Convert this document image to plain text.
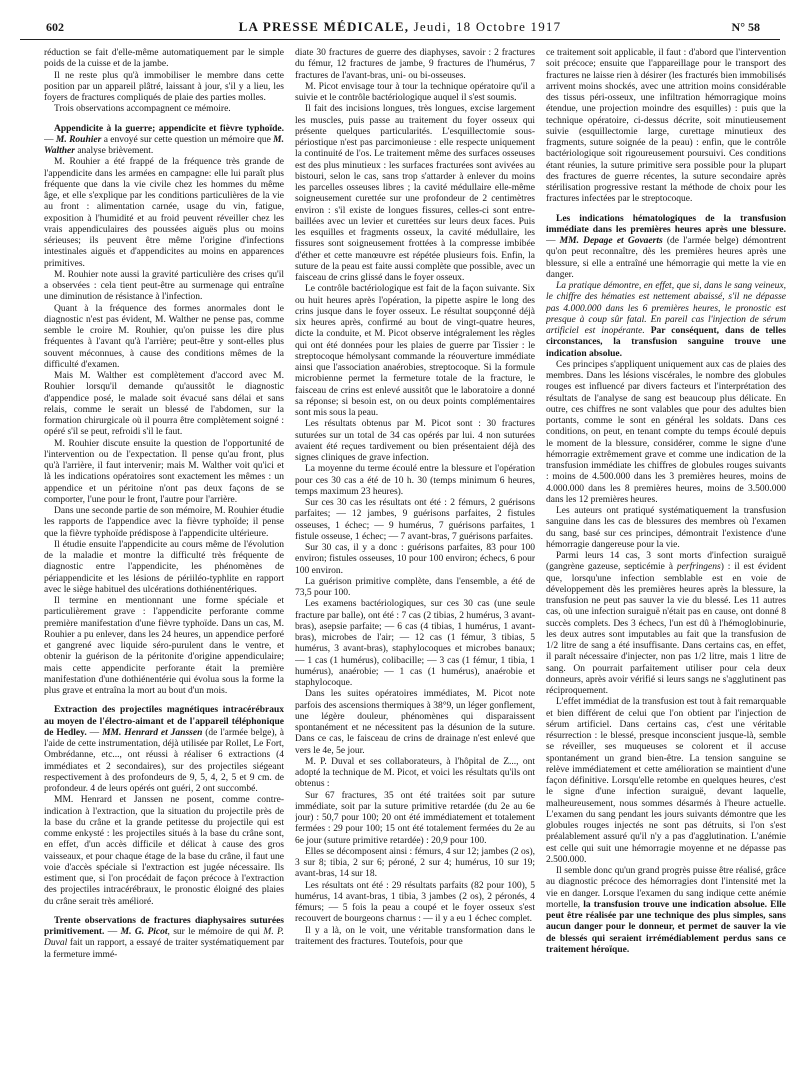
602	LA PRESSE MÉDICALE, Jeudi, 18 Octobre 1917	N° 58

réduction se fait d'elle-même automatiquement par le simple poids de la cuisse et de la jambe.

Il ne reste plus qu'à immobiliser le membre dans cette position par un appareil plâtré, laissant à jour, s'il y a lieu, les foyers de fractures compliqués de plaie des parties molles.

Trois observations accompagnent ce mémoire.

Appendicite à la guerre; appendicite et fièvre typhoïde. — M. Rouhier a envoyé sur cette question un mémoire que M. Walther analyse brièvement.

M. Rouhier a été frappé de la fréquence très grande de l'appendicite dans les armées en campagne: elle lui paraît plus fréquente que dans la vie civile chez les hommes du même âge, et elle s'explique par les conditions particulières de la vie au front : alimentation carnée, usage du vin, fatigue, exposition à l'humidité et au froid peuvent réveiller chez les vrais appendiculaires des poussées aiguës plus ou moins sérieuses; ils peuvent être même l'origine d'infections intestinales aiguës et d'appendicites au moins en apparences primitives.

M. Rouhier note aussi la gravité particulière des crises qu'il a observées : cela tient peut-être au surmenage qui entraîne une diminution de résistance à l'infection.

Quant à la fréquence des formes anormales dont le diagnostic n'est pas évident, M. Walther ne pense pas, comme semble le croire M. Rouhier, qu'on puisse les dire plus fréquentes à l'avant qu'à l'arrière; peut-être y sont-elles plus souvent méconnues, à cause des conditions mêmes de la difficulté d'examen.

Mais M. Walther est complètement d'accord avec M. Rouhier lorsqu'il demande qu'aussitôt le diagnostic d'appendice posé, le malade soit évacué sans délai et sans relais, comme le serait un blessé de l'abdomen, sur la formation chirurgicale où il pourra être complètement soigné : opéré s'il se peut, refroidi s'il le faut.

M. Rouhier discute ensuite la question de l'opportunité de l'intervention ou de l'expectation. Il pense qu'au front, plus qu'à l'arrière, il faut intervenir; mais M. Walther voit qu'ici et là les indications opératoires sont exactement les mêmes : un appendice et un péritoine n'ont pas deux façons de se comporter, l'une pour le front, l'autre pour l'arrière.

Dans une seconde partie de son mémoire, M. Rouhier étudie les rapports de l'appendice avec la fièvre typhoïde; il pense que la fièvre typhoïde prédispose à l'appendicite ultérieure.

Il étudie ensuite l'appendicite au cours même de l'évolution de la maladie et montre la difficulté très fréquente de diagnostic entre l'appendicite, les phénomènes de périappendicite et les lésions de périiléo-typhlite en rapport avec le siège habituel des ulcérations dothiénentériques.

Il termine en mentionnant une forme spéciale et particulièrement grave : l'appendicite perforante comme première manifestation d'une fièvre typhoïde. Dans un cas, M. Rouhier a pu enlever, dans les 24 heures, un appendice perforé et gangrené avec liquide séro-purulent dans le ventre, et obtenir la guérison de la péritonite d'origine appendiculaire; mais cette appendicite perforante était la première manifestation d'une dothiénentérie qui évolua sous la forme la plus grave et entraîna la mort au bout d'un mois.

Extraction des projectiles magnétiques intracérébraux au moyen de l'électro-aimant et de l'appareil téléphonique de Hedley. — MM. Henrard et Janssen (de l'armée belge), à l'aide de cette instrumentation, déjà utilisée par Rollet, Le Fort, Ombrédanne, etc..., ont réussi à réaliser 6 extractions (4 immédiates et 2 secondaires), sur des projectiles siégeant respectivement à des profondeurs de 9, 5, 4, 2, 5 et 9 cm. de profondeur. 4 de leurs opérés ont guéri, 2 ont succombé.

MM. Henrard et Janssen ne posent, comme contre-indication à l'extraction, que la situation du projectile près de la base du crâne et la grande petitesse du projectile qui est comme enkysté : les projectiles situés à la base du crâne sont, en effet, d'un accès difficile et délicat à cause des gros vaisseaux, et pour chaque étage de la base du crâne, il faut une voie d'accès spéciale si l'extraction est jugée nécessaire. Ils estiment que, si l'on procédait de façon précoce à l'extraction des projectiles intracérébraux, le pronostic éloigné des plaies du crâne serait très amélioré.

Trente observations de fractures diaphysaires suturées primitivement. — M. G. Picot, sur le mémoire de qui M. P. Duval fait un rapport, a essayé de traiter systématiquement par la fermeture immé-

diate 30 fractures de guerre des diaphyses, savoir : 2 fractures du fémur, 12 fractures de jambe, 9 fractures de l'humérus, 7 fractures de l'avant-bras, uni- ou bi-osseuses.

M. Picot envisage tour à tour la technique opératoire qu'il a suivie et le contrôle bactériologique auquel il s'est soumis.

Il fait des incisions longues, très longues, excise largement les muscles, puis passe au traitement du foyer osseux qui présente quelques particularités. L'esquillectomie sous-périostique n'est pas parcimonieuse : elle respecte uniquement la continuité de l'os. Le traitement même des surfaces osseuses est des plus minutieux : les surfaces fracturées sont avivées au bistouri, selon le cas, sans trop s'attarder à enlever du moins les parcelles osseuses libres ; la cavité médullaire elle-même soigneusement curettée sur une profondeur de 2 centimètres environ : s'il existe de longues fissures, celles-ci sont entre-baillées avec un levier et curettées sur leurs deux faces. Puis les esquilles et fragments osseux, la cavité médullaire, les fissures sont soigneusement frottées à la compresse imbibée d'éther et cette manœuvre est répétée plusieurs fois. Enfin, la suture de la peau est faite aussi complète que possible, avec un faisceau de crins glissé dans le foyer osseux.

Le contrôle bactériologique est fait de la façon suivante. Six ou huit heures après l'opération, la pipette aspire le long des crins jusque dans le foyer osseux. Le résultat soupçonné déjà six heures après, confirmé au bout de vingt-quatre heures, dicte la conduite, et M. Picot observe intégralement les règles qui ont été données pour les plaies de guerre par Tissier : le streptocoque hémolysant commande la réouverture immédiate ainsi que l'association anaérobies, streptocoque. Si la formule microbienne permet la fermeture totale de la fracture, le faisceau de crins est enlevé aussitôt que le laboratoire a donné sa réponse; si besoin est, on ou deux points complémentaires sont mis sous la peau.

Les résultats obtenus par M. Picot sont : 30 fractures suturées sur un total de 34 cas opérés par lui. 4 non suturées avaient été reçues tardivement ou bien présentaient déjà des signes cliniques de grave infection.

La moyenne du terme écoulé entre la blessure et l'opération pour ces 30 cas a été de 10 h. 30 (temps minimum 6 heures, temps maximum 23 heures).

Sur ces 30 cas les résultats ont été : 2 fémurs, 2 guérisons parfaites; — 12 jambes, 9 guérisons parfaites, 2 fistules osseuses, 1 échec; — 9 humérus, 7 guérisons parfaites, 1 fistule osseuse, 1 échec; — 7 avant-bras, 7 guérisons parfaites.

Sur 30 cas, il y a donc : guérisons parfaites, 83 pour 100 environ; fistules osseuses, 10 pour 100 environ; échecs, 6 pour 100 environ.

La guérison primitive complète, dans l'ensemble, a été de 73,5 pour 100.

Les examens bactériologiques, sur ces 30 cas (une seule fracture par balle), ont été : 7 cas (2 tibias, 2 humérus, 3 avant-bras), asepsie parfaite; — 6 cas (4 tibias, 1 humérus, 1 avant-bras), microbes de l'air; — 12 cas (1 fémur, 3 tibias, 5 humérus, 3 avant-bras), staphylocoques et microbes banaux; — 1 cas (1 humérus), colibacille; — 3 cas (1 fémur, 1 tibia, 1 humérus), anaérobie; — 1 cas (1 humérus), anaérobie et staphylocoque.

Dans les suites opératoires immédiates, M. Picot note parfois des ascensions thermiques à 38°9, un léger gonflement, une légère douleur, phénomènes qui disparaissent spontanément et ne nécessitent pas la désunion de la suture. Dans ce cas, le faisceau de crins de drainage n'est enlevé que vers le 4e, 5e jour.

M. P. Duval et ses collaborateurs, à l'hôpital de Z..., ont adopté la technique de M. Picot, et voici les résultats qu'ils ont obtenus :

Sur 67 fractures, 35 ont été traitées soit par suture immédiate, soit par la suture primitive retardée (du 2e au 6e jour) : 50,7 pour 100; 20 ont été immédiatement et totalement fermées : 29 pour 100; 15 ont été totalement fermées du 2e au 6e jour (suture primitive retardée) : 20,9 pour 100.

Elles se décomposent ainsi : fémurs, 4 sur 12; jambes (2 os), 3 sur 8; tibia, 2 sur 6; péroné, 2 sur 4; humérus, 10 sur 19; avant-bras, 14 sur 18.

Les résultats ont été : 29 résultats parfaits (82 pour 100), 5 humérus, 14 avant-bras, 1 tibia, 3 jambes (2 os), 2 péronés, 4 fémurs; — 5 fois la peau a coupé et le foyer osseux s'est recouvert de bourgeons charnus : — il y a eu 1 échec complet.

Il y a là, on le voit, une véritable transformation dans le traitement des fractures. Toutefois, pour que

ce traitement soit applicable, il faut : d'abord que l'intervention soit précoce; ensuite que l'appareillage pour le transport des fractures ne laisse rien à désirer (les fracturés bien immobilisés arrivent moins shockés, avec une attrition moins considérable des tissus péri-osseux, une infiltration hémorragique moins étendue, une projection moindre des esquilles) : puis que la technique opératoire, ci-dessus décrite, soit minutieusement suivie (esquillectomie large, curettage minutieux des fragments, suture soignée de la peau) : enfin, que le contrôle bactériologique soit rigoureusement poursuivi. Ces conditions étant réunies, la suture primitive sera possible pour la plupart des fractures de guerre récentes, la suture secondaire après stérilisation progressive restant la méthode de choix pour les fractures infectées par le streptocoque.

Les indications hématologiques de la transfusion immédiate dans les premières heures après une blessure. — MM. Depage et Govaerts (de l'armée belge) démontrent qu'on peut reconnaître, dès les premières heures après une blessure, si elle a entraîné une hémorragie qui mette la vie en danger.

La pratique démontre, en effet, que si, dans le sang veineux, le chiffre des hématies est nettement abaissé, s'il ne dépasse pas 4.000.000 dans les 6 premières heures, le pronostic est presque à coup sûr fatal. En pareil cas l'injection de sérum artificiel est inopérante. Par conséquent, dans de telles circonstances, la transfusion sanguine trouve une indication absolue.

Ces principes s'appliquent uniquement aux cas de plaies des membres. Dans les lésions viscérales, le nombre des globules rouges est influencé par divers facteurs et l'interprétation des résultats de l'analyse de sang est beaucoup plus délicate. En outre, ces chiffres ne sont valables que pour des adultes bien portants, comme le sont en général les soldats. Dans ces conditions, on peut, en tenant compte du temps écoulé depuis le moment de la blessure, considérer, comme le signe d'une hémorragie extrêmement grave et comme une indication de la transfusion immédiate les chiffres de globules rouges suivants : moins de 4.500.000 dans les 3 premières heures, moins de 4.000.000 dans les 8 premières heures, moins de 3.500.000 dans les 12 premières heures.

Les auteurs ont pratiqué systématiquement la transfusion sanguine dans les cas de blessures des membres où l'examen du sang, basé sur ces principes, démontrait l'existence d'une hémorragie dangereuse pour la vie.

Parmi leurs 14 cas, 3 sont morts d'infection suraiguë (gangrène gazeuse, septicémie à perfringens) : il est évident que, lorsqu'une infection semblable est en voie de développement dès les premières heures après la blessure, la transfusion ne peut pas sauver la vie du blessé. Les 11 autres cas, où une infection suraiguë n'était pas en cause, ont donné 8 succès complets. Des 3 échecs, l'un est dû à l'hémoglobinurie, les deux autres sont imputables au fait que la transfusion de 1/2 litre de sang a été insuffisante. Dans certains cas, en effet, il paraît nécessaire d'injecter, non pas 1/2 litre, mais 1 litre de sang. On pourrait parfaitement utiliser pour cela deux donneurs, après avoir vérifié si leurs sangs ne s'agglutinent pas réciproquement.

L'effet immédiat de la transfusion est tout à fait remarquable et bien différent de celui que l'on obtient par l'injection de sérum artificiel. Dans certains cas, c'est une véritable résurrection : le blessé, presque inconscient jusque-là, semble se réveiller, ses muqueuses se colorent et il accuse spontanément un grand bien-être. La tension sanguine se relève immédiatement et cette amélioration se maintient d'une façon définitive. Lorsqu'elle retombe en quelques heures, c'est le signe d'une infection suraiguë, devant laquelle, malheureusement, nous sommes désarmés à l'heure actuelle. L'examen du sang pendant les jours suivants démontre que les globules rouges injectés ne sont pas détruits, si l'on s'est préalablement assuré qu'il n'y a pas d'agglutination. L'anémie est celle qui suit une hémorragie moyenne et ne dépasse pas 2.500.000.

Il semble donc qu'un grand progrès puisse être réalisé, grâce au diagnostic précoce des hémorragies dont l'intensité met la vie en danger. Lorsque l'examen du sang indique cette anémie mortelle, la transfusion trouve une indication absolue. Elle peut être réalisée par une technique des plus simples, sans aucun danger pour le donneur, et permet de sauver la vie de blessés qui seraient irrémédiablement perdus sans ce traitement héroïque.
